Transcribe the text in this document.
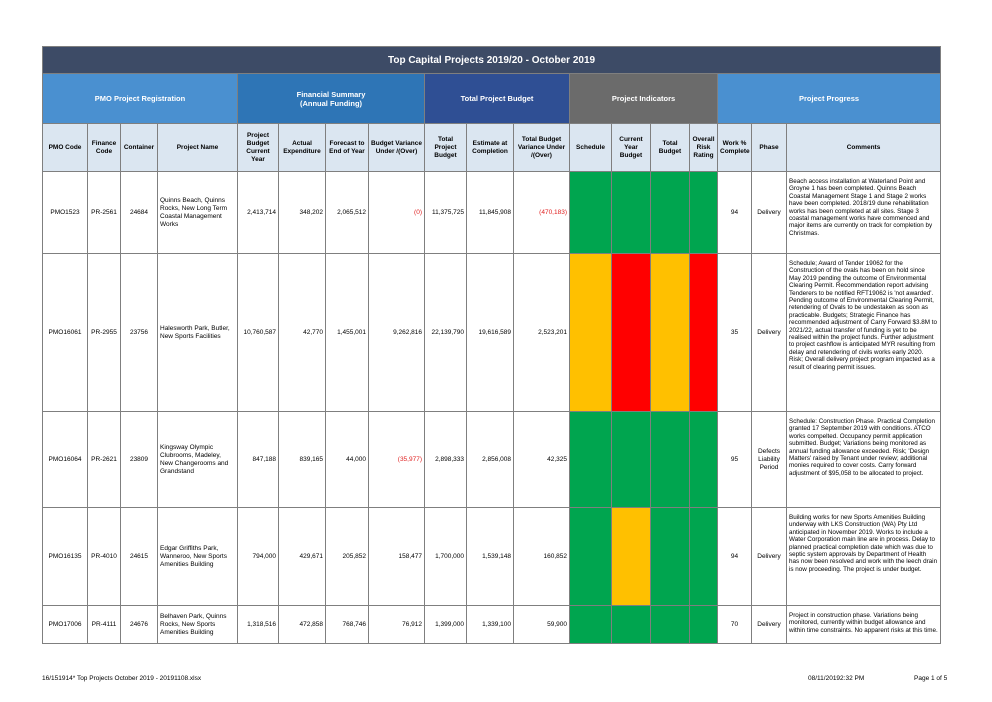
Top Capital Projects 2019/20 - October 2019																	
PMO Project Registration				Financial Summary
(Annual Funding)				Total Project Budget			Project Indicators				Project Progress		
PMO Code	Finance Code	Container	Project Name	Project Budget Current Year	Actual Expenditure	Forecast to End of Year	Budget Variance Under /(Over)	Total Project Budget	Estimate at Completion	Total Budget Variance Under /(Over)	Schedule	Current Year Budget	Total Budget	Overall Risk Rating	Work % Complete	Phase	Comments
PMO1523	PR-2561	24684	Quinns Beach, Quinns Rocks, New Long Term Coastal Management Works	2,413,714	348,202	2,065,512	(0)	11,375,725	11,845,908	(470,183)					94	Delivery	Beach access installation at Waterland Point and Groyne 1 has been completed. Quinns Beach Coastal Management Stage 1 and Stage 2 works have been completed. 2018/19 dune rehabilitation works has been completed at all sites. Stage 3 coastal management works have commenced and major items are currently on track for completion by Christmas.
PMO16061	PR-2955	23756	Halesworth Park, Butler, New Sports Facilities	10,760,587	42,770	1,455,001	9,262,816	22,139,790	19,616,589	2,523,201					35	Delivery	Schedule; Award of Tender 19062 for the Construction of the ovals has been on hold since May 2019 pending the outcome of Environmental Clearing Permit. Recommendation report advising Tenderers to be notified RFT19062 is 'not awarded'. Pending outcome of Environmental Clearing Permit, retendering of Ovals to be undestaken as soon as practicable. Budgets; Strategic Finance has recommended adjustment of Carry Forward $3.8M to 2021/22, actual transfer of funding is yet to be realised within the project funds. Further adjustment to project cashflow is anticipated MYR resulting from delay and retendering of civils works early 2020. Risk; Overall delivery project program impacted as a result of clearing permit issues.
PMO16064	PR-2621	23809	Kingsway Olympic Clubrooms, Madeley, New Changerooms and Grandstand	847,188	839,165	44,000	(35,977)	2,898,333	2,856,008	42,325					95	Defects Liability Period	Schedule: Construction Phase. Practical Completion granted 17 September 2019 with conditions. ATCO works compelted. Occupancy permit application submitted. Budget; Variations being monitored as annual funding allowance exceeded. Risk; 'Design Matters' raised by Tenant under review; additional monies required to cover costs. Carry forward adjustment of $95,058 to be allocated to project.
PMO16135	PR-4010	24615	Edgar Griffiths Park, Wanneroo, New Sports Amenities Building	794,000	429,671	205,852	158,477	1,700,000	1,539,148	160,852					94	Delivery	Building works for new Sports Amenities Building underway with LKS Construction (WA) Pty Ltd anticipated in November 2019. Works to include a Water Corporation main line are in process. Delay to planned practical completion date which was due to septic system approvals by Department of Health has now been resolved and work with the leech drain is now proceeding. The project is under budget.
PMO17006	PR-4111	24676	Belhaven Park, Quinns Rocks, New Sports Amenities Building	1,318,516	472,858	768,746	76,912	1,399,000	1,339,100	59,900					70	Delivery	Project in construction phase. Variations being monitored, currently within budget allowance and within time constraints. No apparent risks at this time.
16/151914* Top Projects October 2019 - 20191108.xlsx	08/11/20192:32 PM	Page 1 of 5
